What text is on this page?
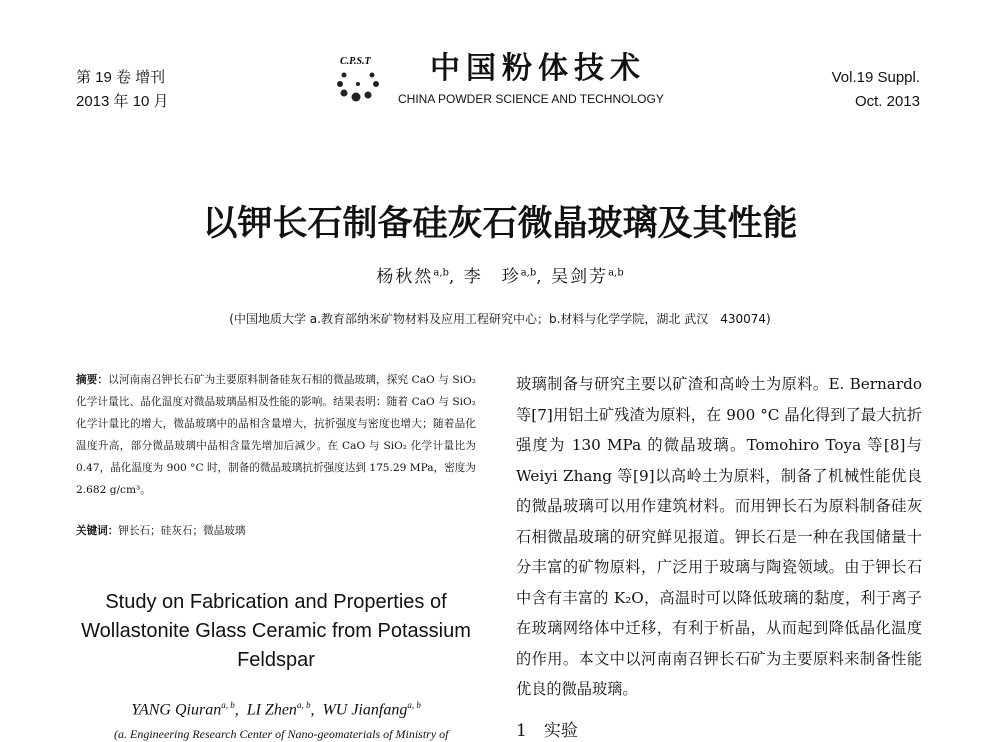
第 19 卷 增刊
2013 年 10 月
C.P.S.T 中国粉体技术
CHINA POWDER SCIENCE AND TECHNOLOGY
Vol.19 Suppl.
Oct. 2013
以钾长石制备硅灰石微晶玻璃及其性能
杨秋然$^{a,b}$, 李　珍$^{a,b}$, 吴剑芳$^{a,b}$
(中国地质大学 a.教育部纳米矿物材料及应用工程研究中心；b.材料与化学学院，湖北 武汉　430074)
摘要：以河南南召钾长石矿为主要原料制备硅灰石相的微晶玻璃，探究 CaO 与 SiO₂ 化学计量比、晶化温度对微晶玻璃晶相及性能的影响。结果表明：随着 CaO 与 SiO₂ 化学计量比的增大，微晶玻璃中的晶相含量增大，抗折强度与密度也增大；随着晶化温度升高，部分微晶玻璃中晶相含量先增加后减少。在 CaO 与 SiO₂ 化学计量比为 0.47，晶化温度为 900 °C 时，制备的微晶玻璃抗折强度达到 175.29 MPa，密度为 2.682 g/cm³。
关键词：钾长石；硅灰石；微晶玻璃
Study on Fabrication and Properties of Wollastonite Glass Ceramic from Potassium Feldspar
YANG Qiuran$^{a, b}$,  LI Zhen$^{a, b}$,  WU Jianfang$^{a, b}$
(a. Engineering Research Center of Nano-geomaterials of Ministry of
玻璃制备与研究主要以矿渣和高岭土为原料。E. Bernardo 等[7]用铝土矿残渣为原料，在 900 °C 晶化得到了最大抗折强度为 130 MPa 的微晶玻璃。Tomohiro Toya 等[8]与 Weiyi Zhang 等[9]以高岭土为原料，制备了机械性能优良的微晶玻璃可以用作建筑材料。而用钾长石为原料制备硅灰石相微晶玻璃的研究鲜见报道。钾长石是一种在我国储量十分丰富的矿物原料，广泛用于玻璃与陶瓷领域。由于钾长石中含有丰富的 K₂O，高温时可以降低玻璃的黏度，利于离子在玻璃网络体中迁移，有利于析晶，从而起到降低晶化温度的作用。本文中以河南南召钾长石矿为主要原料来制备性能优良的微晶玻璃。
1　实验
